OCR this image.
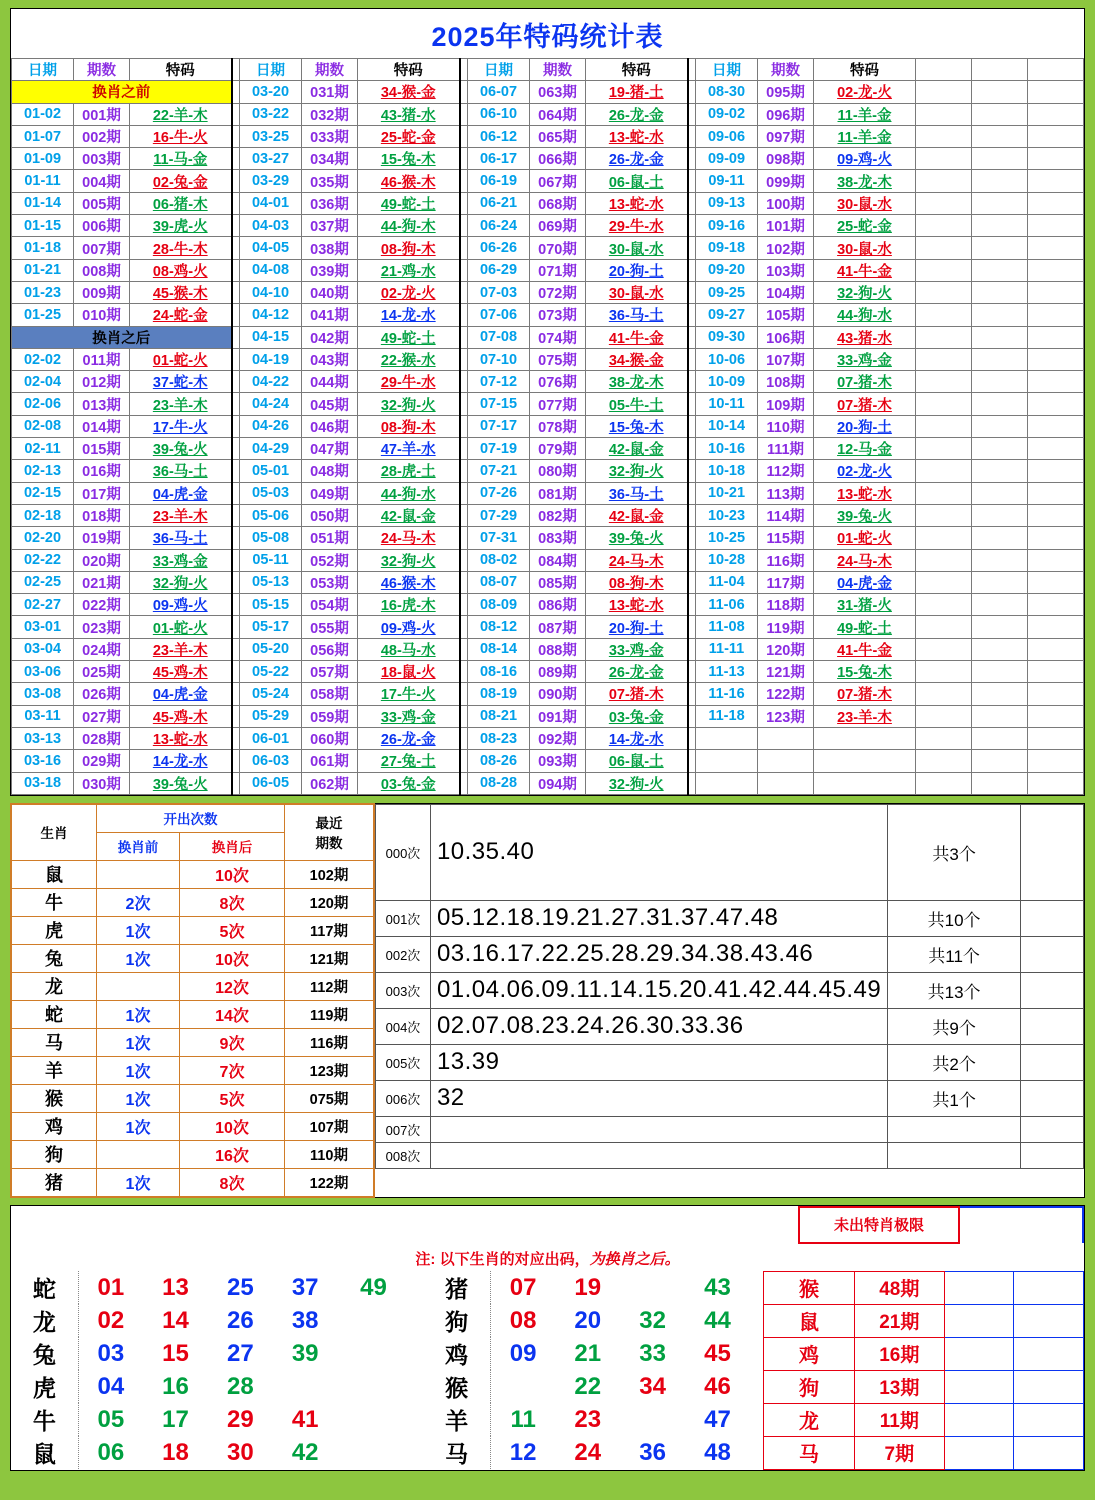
2025年特码统计表
日期	期数	特码		日期	期数	特码		日期	期数	特码		日期	期数	特码			
换肖之前				03-20	031期	34-猴-金		06-07	063期	19-猪-土		08-30	095期	02-龙-火			
01-02	001期	22-羊-木		03-22	032期	43-猪-水		06-10	064期	26-龙-金		09-02	096期	11-羊-金			
01-07	002期	16-牛-火		03-25	033期	25-蛇-金		06-12	065期	13-蛇-水		09-06	097期	11-羊-金			
01-09	003期	11-马-金		03-27	034期	15-兔-木		06-17	066期	26-龙-金		09-09	098期	09-鸡-火			
01-11	004期	02-兔-金		03-29	035期	46-猴-木		06-19	067期	06-鼠-土		09-11	099期	38-龙-木			
01-14	005期	06-猪-木		04-01	036期	49-蛇-土		06-21	068期	13-蛇-水		09-13	100期	30-鼠-水			
01-15	006期	39-虎-火		04-03	037期	44-狗-木		06-24	069期	29-牛-水		09-16	101期	25-蛇-金			
01-18	007期	28-牛-木		04-05	038期	08-狗-木		06-26	070期	30-鼠-水		09-18	102期	30-鼠-水			
01-21	008期	08-鸡-火		04-08	039期	21-鸡-水		06-29	071期	20-狗-土		09-20	103期	41-牛-金			
01-23	009期	45-猴-木		04-10	040期	02-龙-火		07-03	072期	30-鼠-水		09-25	104期	32-狗-火			
01-25	010期	24-蛇-金		04-12	041期	14-龙-水		07-06	073期	36-马-土		09-27	105期	44-狗-水			
换肖之后				04-15	042期	49-蛇-土		07-08	074期	41-牛-金		09-30	106期	43-猪-水			
02-02	011期	01-蛇-火		04-19	043期	22-猴-水		07-10	075期	34-猴-金		10-06	107期	33-鸡-金			
02-04	012期	37-蛇-木		04-22	044期	29-牛-水		07-12	076期	38-龙-木		10-09	108期	07-猪-木			
02-06	013期	23-羊-木		04-24	045期	32-狗-火		07-15	077期	05-牛-土		10-11	109期	07-猪-木			
02-08	014期	17-牛-火		04-26	046期	08-狗-木		07-17	078期	15-兔-木		10-14	110期	20-狗-土			
02-11	015期	39-兔-火		04-29	047期	47-羊-水		07-19	079期	42-鼠-金		10-16	111期	12-马-金			
02-13	016期	36-马-土		05-01	048期	28-虎-土		07-21	080期	32-狗-火		10-18	112期	02-龙-火			
02-15	017期	04-虎-金		05-03	049期	44-狗-水		07-26	081期	36-马-土		10-21	113期	13-蛇-水			
02-18	018期	23-羊-木		05-06	050期	42-鼠-金		07-29	082期	42-鼠-金		10-23	114期	39-兔-火			
02-20	019期	36-马-土		05-08	051期	24-马-木		07-31	083期	39-兔-火		10-25	115期	01-蛇-火			
02-22	020期	33-鸡-金		05-11	052期	32-狗-火		08-02	084期	24-马-木		10-28	116期	24-马-木			
02-25	021期	32-狗-火		05-13	053期	46-猴-木		08-07	085期	08-狗-木		11-04	117期	04-虎-金			
02-27	022期	09-鸡-火		05-15	054期	16-虎-木		08-09	086期	13-蛇-水		11-06	118期	31-猪-火			
03-01	023期	01-蛇-火		05-17	055期	09-鸡-火		08-12	087期	20-狗-土		11-08	119期	49-蛇-土			
03-04	024期	23-羊-木		05-20	056期	48-马-水		08-14	088期	33-鸡-金		11-11	120期	41-牛-金			
03-06	025期	45-鸡-木		05-22	057期	18-鼠-火		08-16	089期	26-龙-金		11-13	121期	15-兔-木			
03-08	026期	04-虎-金		05-24	058期	17-牛-火		08-19	090期	07-猪-木		11-16	122期	07-猪-木			
03-11	027期	45-鸡-木		05-29	059期	33-鸡-金		08-21	091期	03-兔-金		11-18	123期	23-羊-木			
03-13	028期	13-蛇-水		06-01	060期	26-龙-金		08-23	092期	14-龙-水							
03-16	029期	14-龙-水		06-03	061期	27-兔-土		08-26	093期	06-鼠-土							
03-18	030期	39-兔-火		06-05	062期	03-兔-金		08-28	094期	32-狗-火							
生肖	开出次数		最近
期数
	换肖前	换肖后	
鼠		10次	102期
牛	2次	8次	120期
虎	1次	5次	117期
兔	1次	10次	121期
龙		12次	112期
蛇	1次	14次	119期
马	1次	9次	116期
羊	1次	7次	123期
猴	1次	5次	075期
鸡	1次	10次	107期
狗		16次	110期
猪	1次	8次	122期
000次	10.35.40	共3个	
001次	05.12.18.19.21.27.31.37.47.48	共10个	
002次	03.16.17.22.25.28.29.34.38.43.46	共11个	
003次	01.04.06.09.11.14.15.20.41.42.44.45.49	共13个	
004次	02.07.08.23.24.26.30.33.36	共9个	
005次	13.39	共2个	
006次	32	共1个	
007次			
008次			
	未出特肖极限	
注: 以下生肖的对应出码，为换肖之后。
蛇	01	13	25	37	49		猪	07	19		43		猴	48期		
龙	02	14	26	38			狗	08	20	32	44		鼠	21期		
兔	03	15	27	39			鸡	09	21	33	45		鸡	16期		
虎	04	16	28				猴		22	34	46		狗	13期		
牛	05	17	29	41			羊	11	23		47		龙	11期		
鼠	06	18	30	42			马	12	24	36	48		马	7期		
